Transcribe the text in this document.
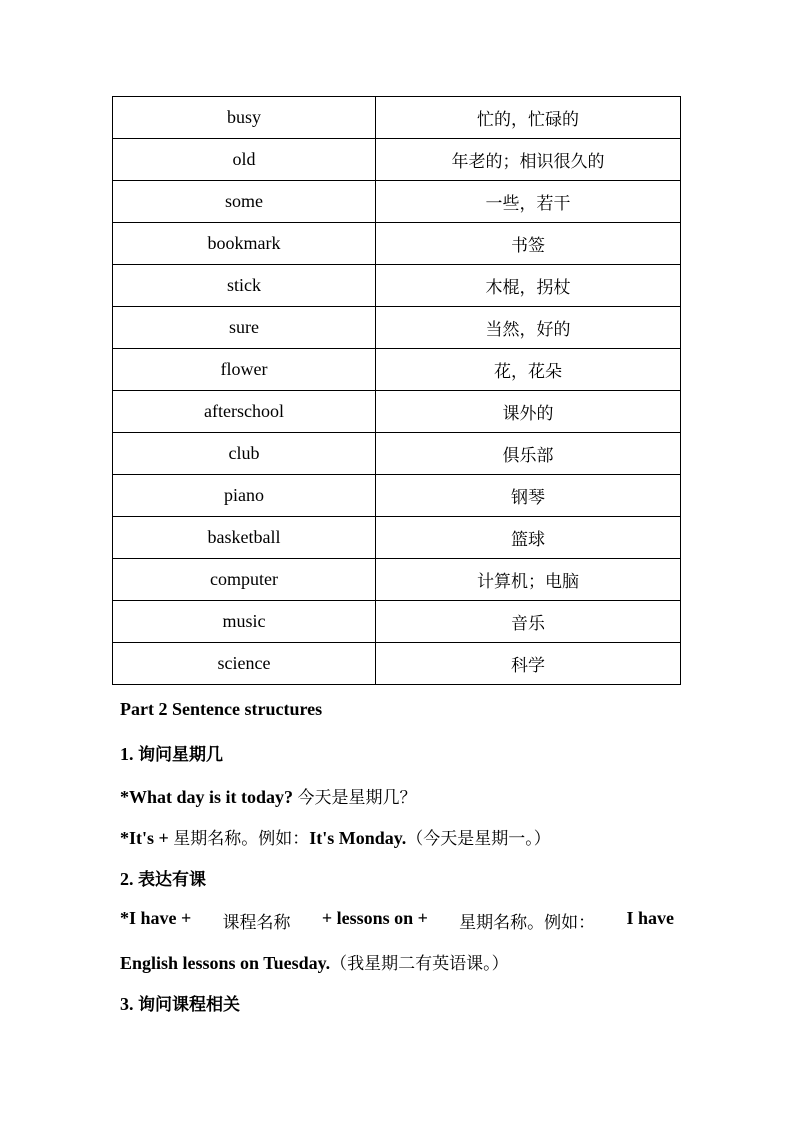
busy	忙的，忙碌的
old	年老的；相识很久的
some	一些，若干
bookmark	书签
stick	木棍，拐杖
sure	当然，好的
flower	花，花朵
afterschool	课外的
club	俱乐部
piano	钢琴
basketball	篮球
computer	计算机；电脑
music	音乐
science	科学
Part 2 Sentence structures
1. 询问星期几
*What day is it today? 今天是星期几？
*It's + 星期名称。例如：It's Monday.（今天是星期一。）
2. 表达有课
*I have + 课程名称 + lessons on + 星期名称。例如： I have
English lessons on Tuesday.（我星期二有英语课。）
3. 询问课程相关
